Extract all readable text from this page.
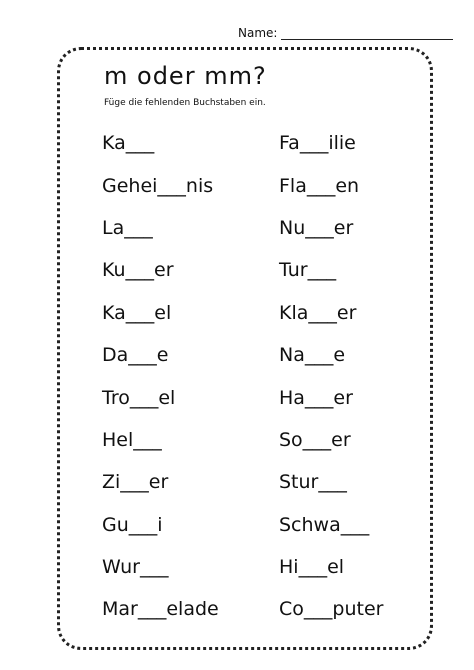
Name:
m oder mm?
Füge die fehlenden Buchstaben ein.
Ka___
Gehei___nis
La___
Ku___er
Ka___el
Da___e
Tro___el
Hel___
Zi___er
Gu___i
Wur___
Mar___elade
Fa___ilie
Fla___en
Nu___er
Tur___
Kla___er
Na___e
Ha___er
So___er
Stur___
Schwa___
Hi___el
Co___puter
